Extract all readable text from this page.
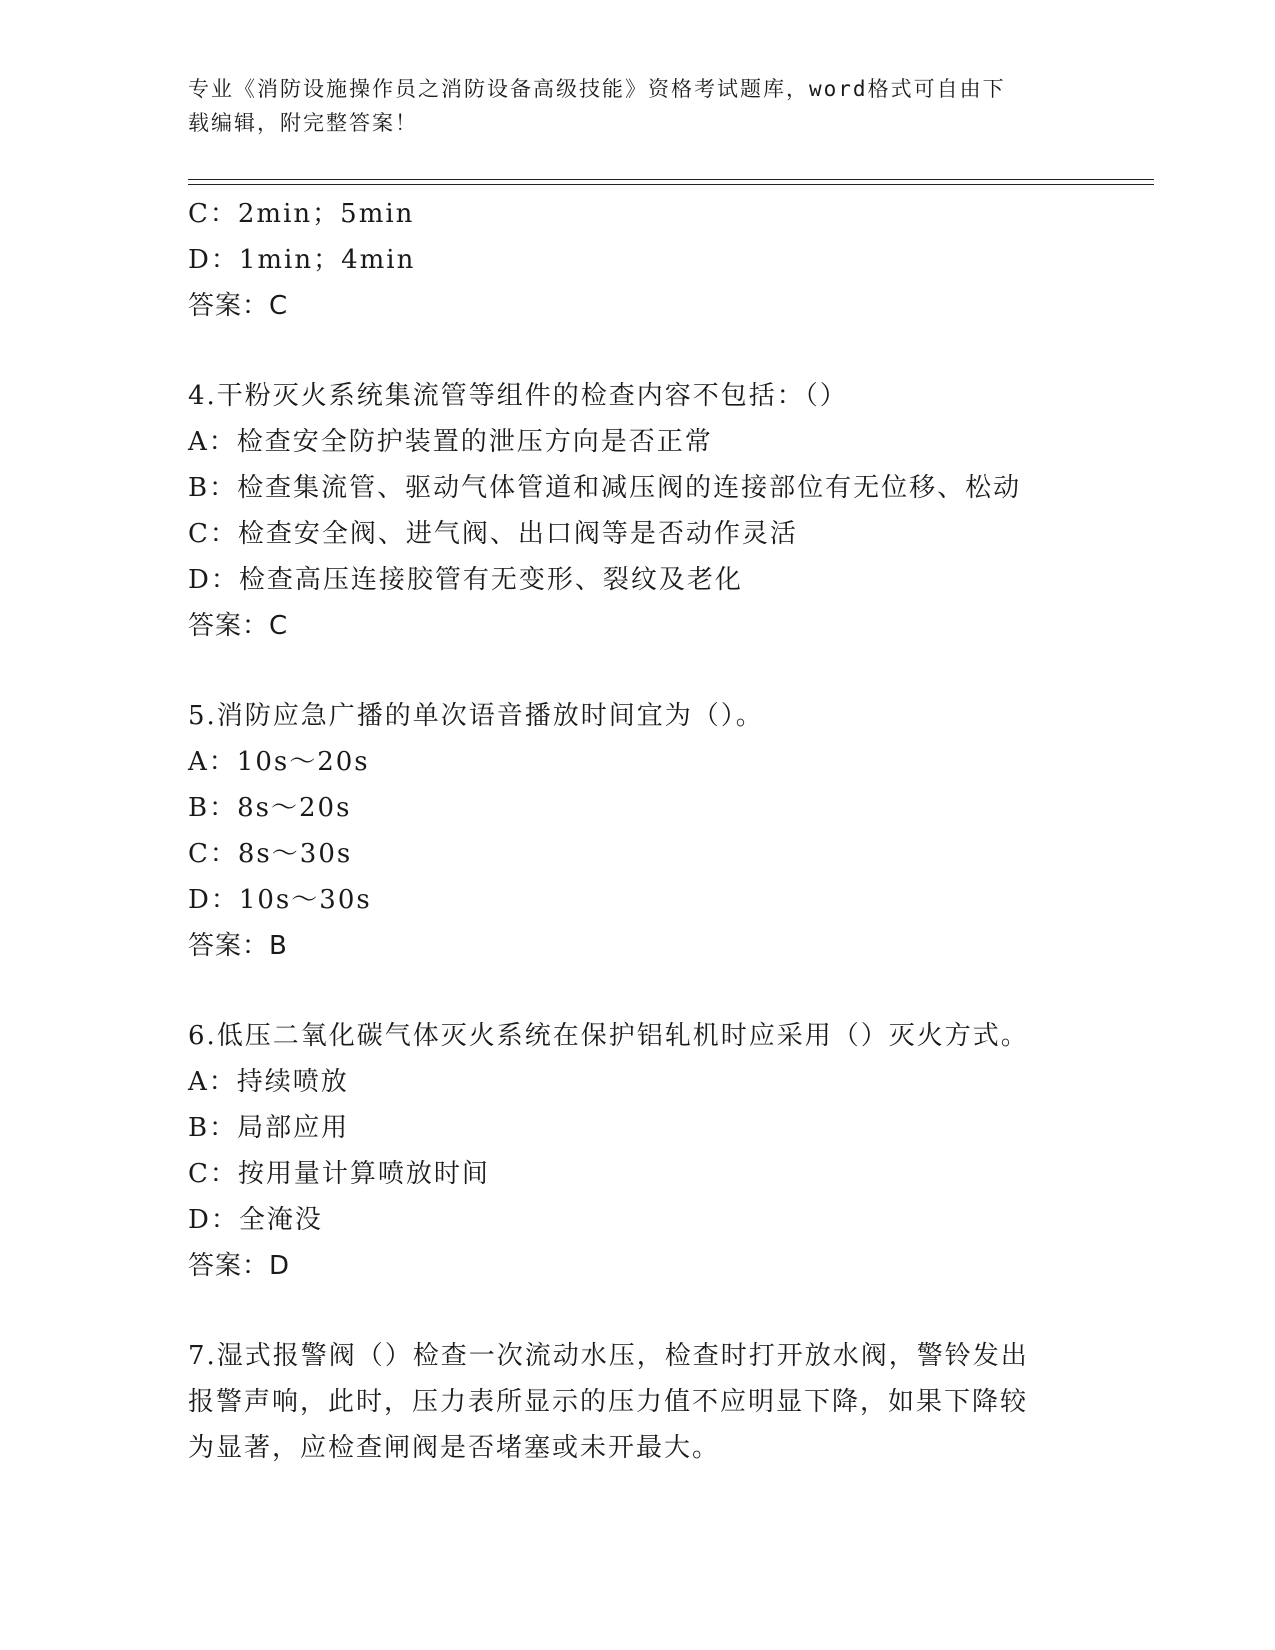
专业《消防设施操作员之消防设备高级技能》资格考试题库，word格式可自由下
载编辑，附完整答案！
C：2min；5min
D：1min；4min
答案：C
4.干粉灭火系统集流管等组件的检查内容不包括：（）
A：检查安全防护装置的泄压方向是否正常
B：检查集流管、驱动气体管道和减压阀的连接部位有无位移、松动
C：检查安全阀、进气阀、出口阀等是否动作灵活
D：检查高压连接胶管有无变形、裂纹及老化
答案：C
5.消防应急广播的单次语音播放时间宜为（）。
A：10s～20s
B：8s～20s
C：8s～30s
D：10s～30s
答案：B
6.低压二氧化碳气体灭火系统在保护铝轧机时应采用（）灭火方式。
A：持续喷放
B：局部应用
C：按用量计算喷放时间
D：全淹没
答案：D
7.湿式报警阀（）检查一次流动水压，检查时打开放水阀，警铃发出
报警声响，此时，压力表所显示的压力值不应明显下降，如果下降较
为显著，应检查闸阀是否堵塞或未开最大。
